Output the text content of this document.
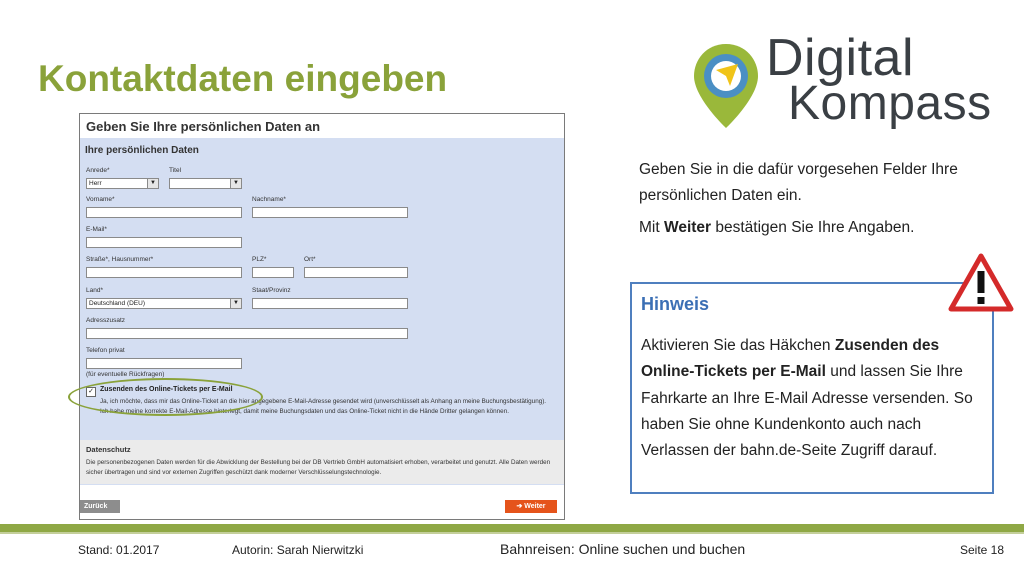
Kontaktdaten eingeben	Digital
Kompass
Geben Sie Ihre persönlichen Daten an
Ihre persönlichen Daten
Anrede*	Titel
Herr	▼	▼
Vorname*	Nachname*
E-Mail*
Straße*, Hausnummer*	PLZ*	Ort*
Land*	Staat/Provinz
Deutschland (DEU)	▼
Adresszusatz
Telefon privat
(für eventuelle Rückfragen)
✓ Zusenden des Online-Tickets per E-Mail
Ja, ich möchte, dass mir das Online-Ticket an die hier angegebene E-Mail-Adresse gesendet wird (unverschlüsselt als Anhang an meine Buchungsbestätigung). Ich habe meine korrekte E-Mail-Adresse hinterlegt, damit meine Buchungsdaten und das Online-Ticket nicht in die Hände Dritter gelangen können.
Datenschutz
Die personenbezogenen Daten werden für die Abwicklung der Bestellung bei der DB Vertrieb GmbH automatisiert erhoben, verarbeitet und genutzt. Alle Daten werden sicher übertragen und sind vor externen Zugriffen geschützt dank moderner Verschlüsselungstechnologie.
Zurück	➔ Weiter

Geben Sie in die dafür vorgesehen Felder Ihre persönlichen Daten ein.

Mit Weiter bestätigen Sie Ihre Angaben.

Hinweis
Aktivieren Sie das Häkchen Zusenden des Online-Tickets per E-Mail und lassen Sie Ihre Fahrkarte an Ihre E-Mail Adresse versenden. So haben Sie ohne Kundenkonto auch nach Verlassen der bahn.de-Seite Zugriff darauf.
Stand: 01.2017	Autorin: Sarah Nierwitzki	Bahnreisen: Online suchen und buchen	Seite 18
